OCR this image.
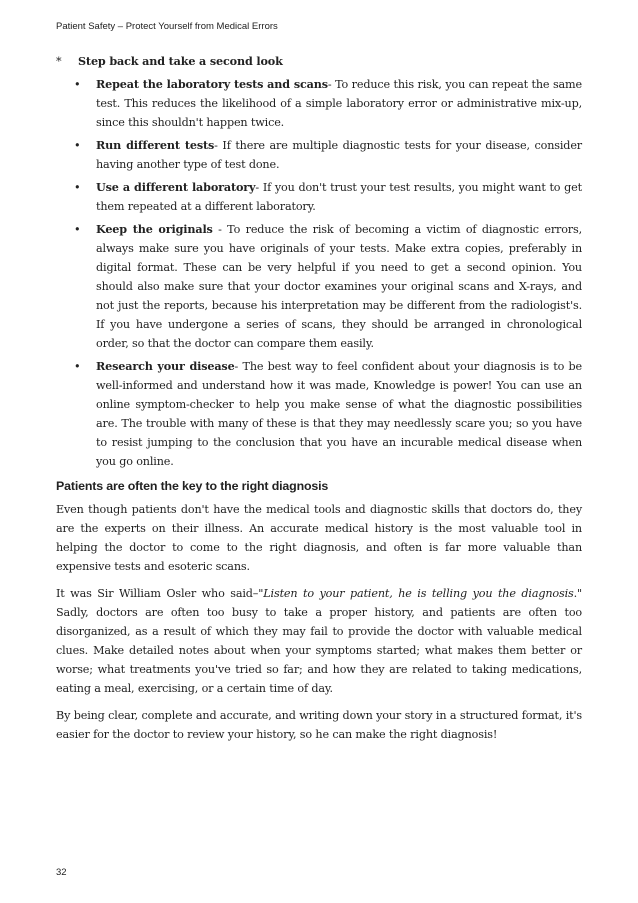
Patient Safety – Protect Yourself from Medical Errors
*	Step back and take a second look
• Repeat the laboratory tests and scans- To reduce this risk, you can repeat the same test. This reduces the likelihood of a simple laboratory error or administrative mix-up, since this shouldn't happen twice.
• Run different tests- If there are multiple diagnostic tests for your disease, consider having another type of test done.
• Use a different laboratory- If you don't trust your test results, you might want to get them repeated at a different laboratory.
• Keep the originals - To reduce the risk of becoming a victim of diagnostic errors, always make sure you have originals of your tests. Make extra copies, preferably in digital format. These can be very helpful if you need to get a second opinion. You should also make sure that your doctor examines your original scans and X-rays, and not just the reports, because his interpretation may be different from the radiologist's. If you have undergone a series of scans, they should be arranged in chronological order, so that the doctor can compare them easily.
• Research your disease- The best way to feel confident about your diagnosis is to be well-informed and understand how it was made, Knowledge is power! You can use an online symptom-checker to help you make sense of what the diagnostic possibilities are. The trouble with many of these is that they may needlessly scare you; so you have to resist jumping to the conclusion that you have an incurable medical disease when you go online.
Patients are often the key to the right diagnosis

Even though patients don't have the medical tools and diagnostic skills that doctors do, they are the experts on their illness. An accurate medical history is the most valuable tool in helping the doctor to come to the right diagnosis, and often is far more valuable than expensive tests and esoteric scans.

It was Sir William Osler who said–"Listen to your patient, he is telling you the diagnosis." Sadly, doctors are often too busy to take a proper history, and patients are often too disorganized, as a result of which they may fail to provide the doctor with valuable medical clues. Make detailed notes about when your symptoms started; what makes them better or worse; what treatments you've tried so far; and how they are related to taking medications, eating a meal, exercising, or a certain time of day.

By being clear, complete and accurate, and writing down your story in a structured format, it's easier for the doctor to review your history, so he can make the right diagnosis!

32
